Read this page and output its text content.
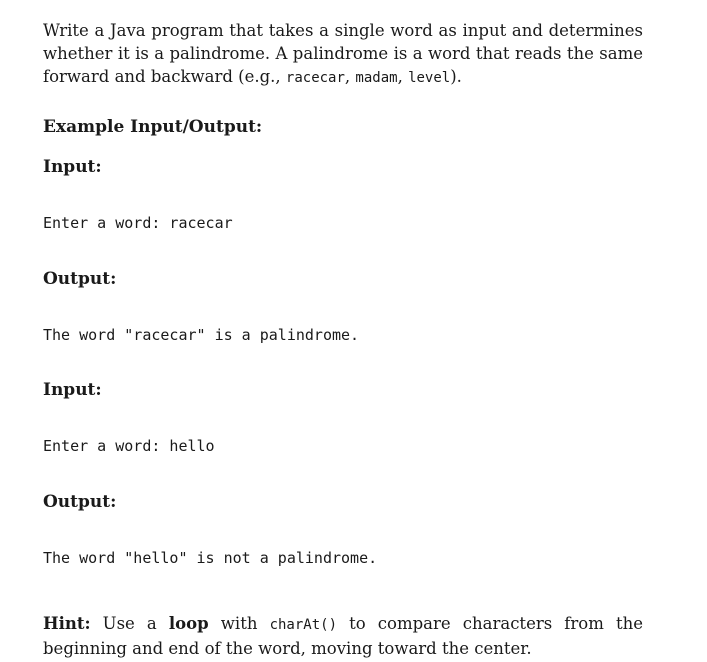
Write a Java program that takes a single word as input and determines whether it is a palindrome. A palindrome is a word that reads the same forward and backward (e.g., racecar, madam, level).
Example Input/Output:
Input:
Enter a word: racecar
Output:
The word "racecar" is a palindrome.
Input:
Enter a word: hello
Output:
The word "hello" is not a palindrome.
Hint: Use a loop with charAt() to compare characters from the beginning and end of the word, moving toward the center.
